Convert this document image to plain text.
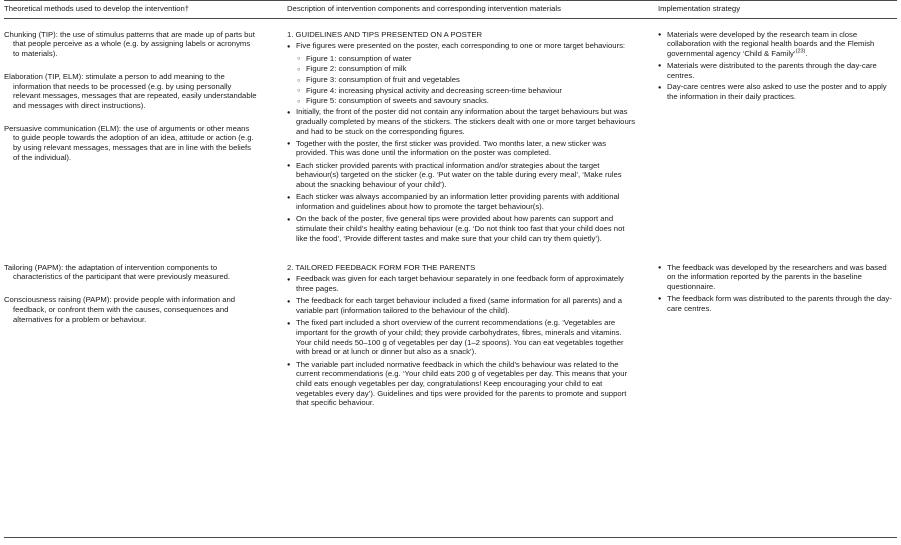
Theoretical methods used to develop the intervention†	Description of intervention components and corresponding intervention materials	Implementation strategy

Chunking (TIP): the use of stimulus patterns that are made up of parts but that people perceive as a whole (e.g. by assigning labels or acronyms to materials).

Elaboration (TIP, ELM): stimulate a person to add meaning to the information that needs to be processed (e.g. by using personally relevant messages, messages that are repeated, easily understandable and messages with direct instructions).

Persuasive communication (ELM): the use of arguments or other means to guide people towards the adoption of an idea, attitude or action (e.g. by using relevant messages, messages that are in line with the beliefs of the individual).

1. GUIDELINES AND TIPS PRESENTED ON A POSTER
● Five figures were presented on the poster, each corresponding to one or more target behaviours:
○ Figure 1: consumption of water
○ Figure 2: consumption of milk
○ Figure 3: consumption of fruit and vegetables
○ Figure 4: increasing physical activity and decreasing screen-time behaviour
○ Figure 5: consumption of sweets and savoury snacks.
● Initially, the front of the poster did not contain any information about the target behaviours but was gradually completed by means of the stickers. The stickers dealt with one or more target behaviours and had to be stuck on the corresponding figures.
● Together with the poster, the first sticker was provided. Two months later, a new sticker was provided. This was done until the information on the poster was completed.
● Each sticker provided parents with practical information and/or strategies about the target behaviour(s) targeted on the sticker (e.g. ‘Put water on the table during every meal’, ‘Make rules about the snacking behaviour of your child’).
● Each sticker was always accompanied by an information letter providing parents with additional information and guidelines about how to promote the target behaviour(s).
● On the back of the poster, five general tips were provided about how parents can support and stimulate their child’s healthy eating behaviour (e.g. ‘Do not think too fast that your child does not like the food’, ‘Provide different tastes and make sure that your child can try them quietly’).
● Materials were developed by the research team in close collaboration with the regional health boards and the Flemish governmental agency ‘Child & Family’$^{(23)}$.
● Materials were distributed to the parents through the day-care centres.
● Day-care centres were also asked to use the poster and to apply the information in their daily practices.

Tailoring (PAPM): the adaptation of intervention components to characteristics of the participant that were previously measured.

Consciousness raising (PAPM): provide people with information and feedback, or confront them with the causes, consequences and alternatives for a problem or behaviour.

2. TAILORED FEEDBACK FORM FOR THE PARENTS
● Feedback was given for each target behaviour separately in one feedback form of approximately three pages.
● The feedback for each target behaviour included a fixed (same information for all parents) and a variable part (information tailored to the behaviour of the child).
● The fixed part included a short overview of the current recommendations (e.g. ‘Vegetables are important for the growth of your child; they provide carbohydrates, fibres, minerals and vitamins. Your child needs 50–100 g of vegetables per day (1–2 spoons). You can eat vegetables together with bread or at lunch or dinner but also as a snack’).
● The variable part included normative feedback in which the child’s behaviour was related to the current recommendations (e.g. ‘Your child eats 200 g of vegetables per day. This means that your child eats enough vegetables per day, congratulations! Keep encouraging your child to eat vegetables every day’). Guidelines and tips were provided for the parents to promote and support that specific behaviour.
● The feedback was developed by the researchers and was based on the information reported by the parents in the baseline questionnaire.
● The feedback form was distributed to the parents through the day-care centres.
